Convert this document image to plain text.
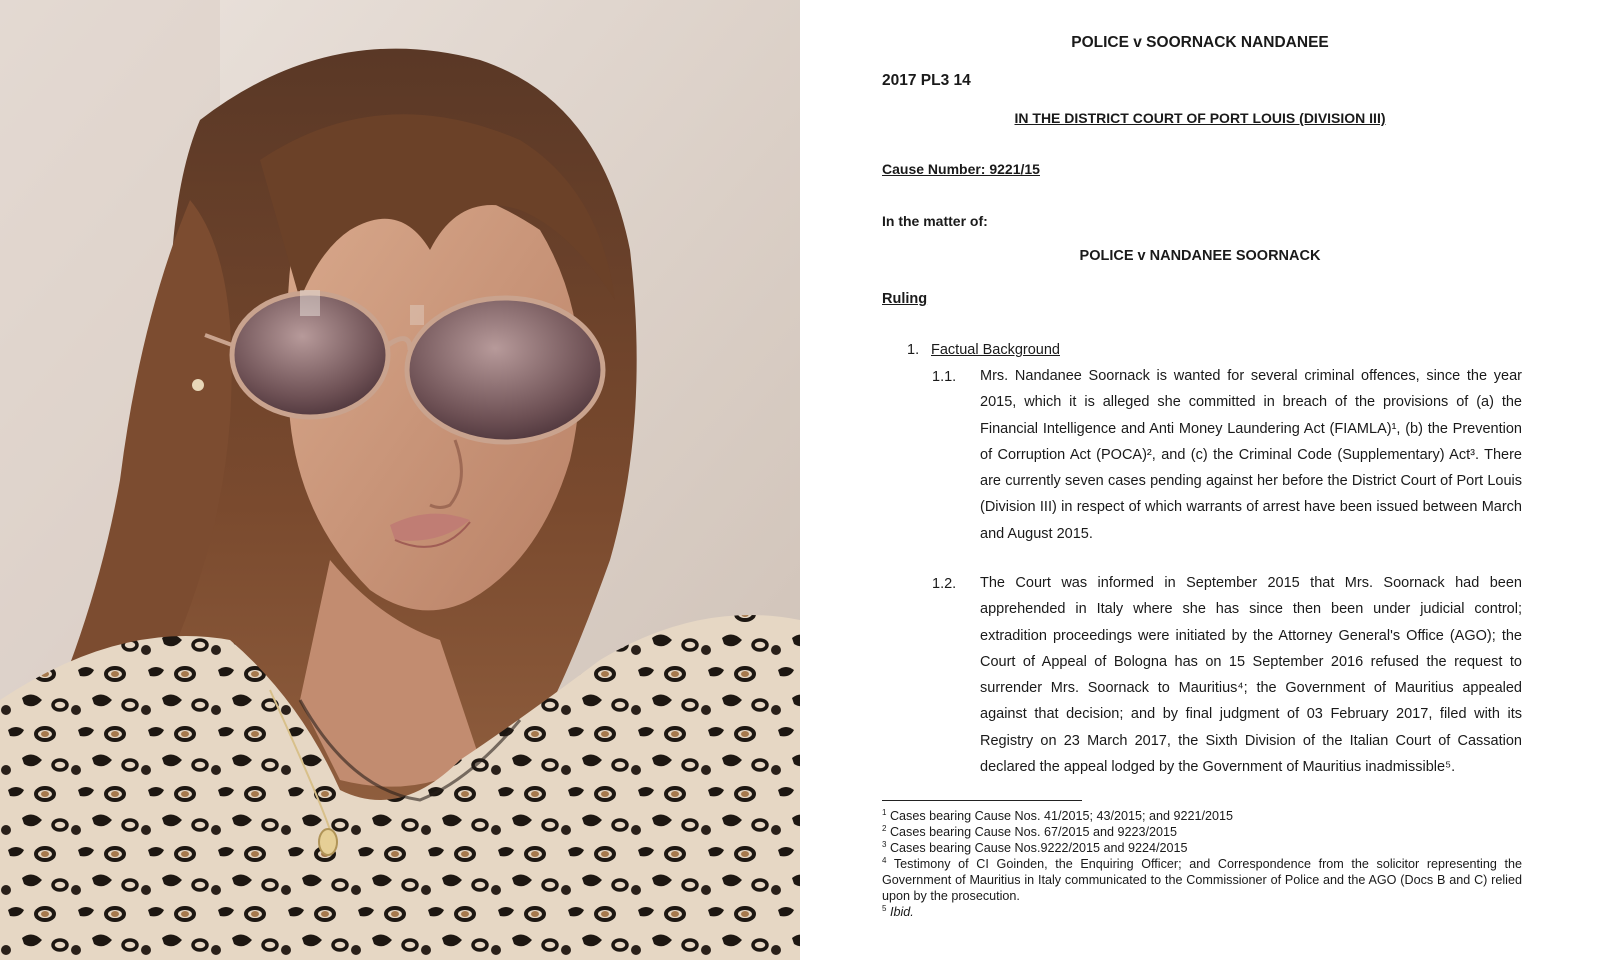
POLICE v SOORNACK NANDANEE
2017 PL3 14
IN THE DISTRICT COURT OF PORT LOUIS (DIVISION III)
Cause Number: 9221/15
In the matter of:
POLICE v NANDANEE SOORNACK
Ruling
1. Factual Background
1.1. Mrs. Nandanee Soornack is wanted for several criminal offences, since the year 2015, which it is alleged she committed in breach of the provisions of (a) the Financial Intelligence and Anti Money Laundering Act (FIAMLA)¹, (b) the Prevention of Corruption Act (POCA)², and (c) the Criminal Code (Supplementary) Act³. There are currently seven cases pending against her before the District Court of Port Louis (Division III) in respect of which warrants of arrest have been issued between March and August 2015.
1.2. The Court was informed in September 2015 that Mrs. Soornack had been apprehended in Italy where she has since then been under judicial control; extradition proceedings were initiated by the Attorney General's Office (AGO); the Court of Appeal of Bologna has on 15 September 2016 refused the request to surrender Mrs. Soornack to Mauritius⁴; the Government of Mauritius appealed against that decision; and by final judgment of 03 February 2017, filed with its Registry on 23 March 2017, the Sixth Division of the Italian Court of Cassation declared the appeal lodged by the Government of Mauritius inadmissible⁵.
$^1$ Cases bearing Cause Nos. 41/2015; 43/2015; and 9221/2015
$^2$ Cases bearing Cause Nos. 67/2015 and 9223/2015
$^3$ Cases bearing Cause Nos.9222/2015 and 9224/2015
$^4$ Testimony of CI Goinden, the Enquiring Officer; and Correspondence from the solicitor representing the Government of Mauritius in Italy communicated to the Commissioner of Police and the AGO (Docs B and C) relied upon by the prosecution.
$^5$ Ibid.
